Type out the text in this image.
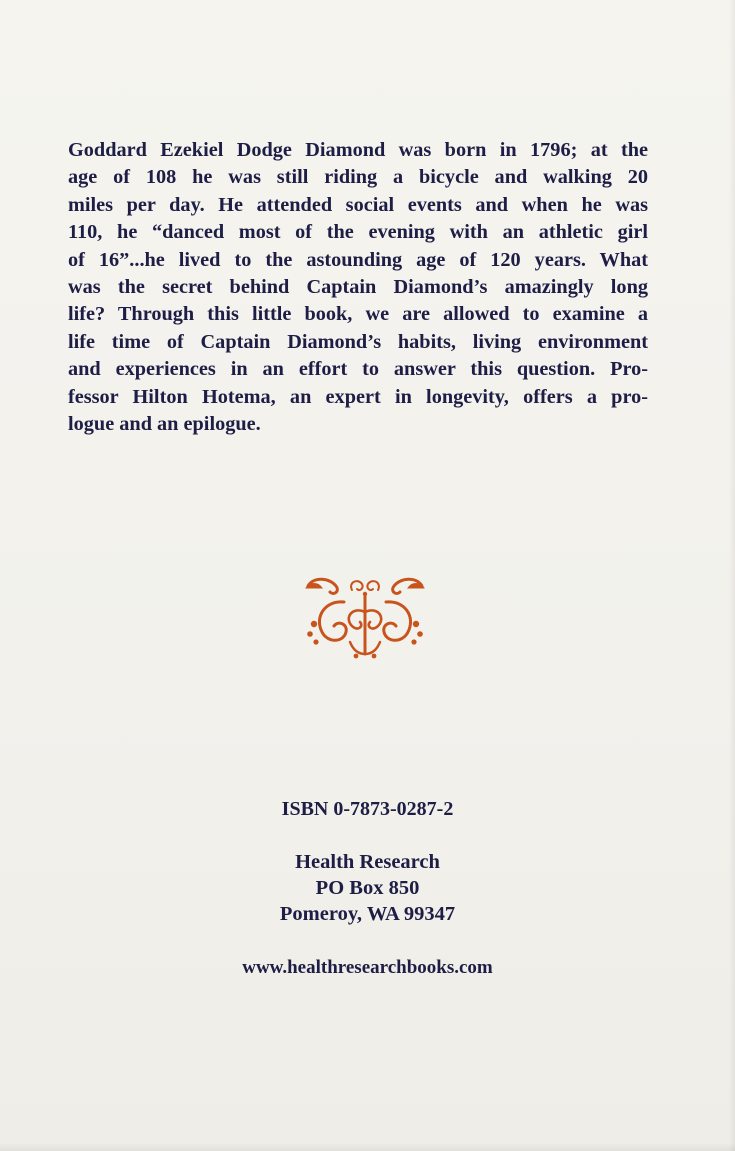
Goddard Ezekiel Dodge Diamond was born in 1796; at the
age of 108 he was still riding a bicycle and walking 20
miles per day. He attended social events and when he was
110, he “danced most of the evening with an athletic girl
of 16”...he lived to the astounding age of 120 years. What
was the secret behind Captain Diamond’s amazingly long
life? Through this little book, we are allowed to examine a
life time of Captain Diamond’s habits, living environment
and experiences in an effort to answer this question. Pro-
fessor Hilton Hotema, an expert in longevity, offers a pro-
logue and an epilogue.

ISBN 0-7873-0287-2

Health Research

PO Box 850

Pomeroy, WA 99347

www.healthresearchbooks.com
